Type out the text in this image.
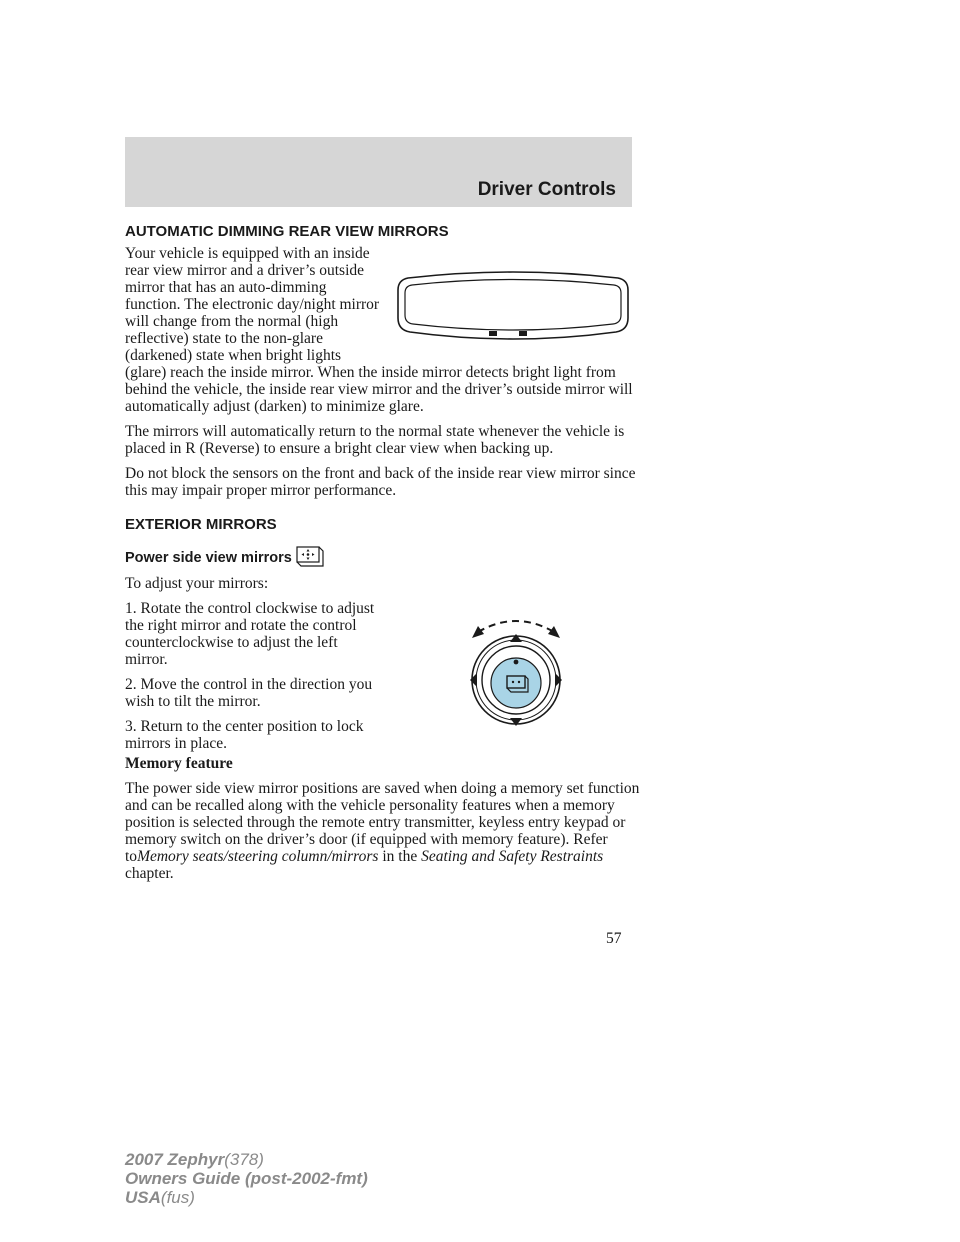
Driver Controls
AUTOMATIC DIMMING REAR VIEW MIRRORS

Your vehicle is equipped with an inside rear view mirror and a driver’s outside mirror that has an auto-dimming function. The electronic day/night mirror will change from the normal (high reflective) state to the non-glare (darkened) state when bright lights

(glare) reach the inside mirror. When the inside mirror detects bright light from behind the vehicle, the inside rear view mirror and the driver’s outside mirror will automatically adjust (darken) to minimize glare.

The mirrors will automatically return to the normal state whenever the vehicle is placed in R (Reverse) to ensure a bright clear view when backing up.

Do not block the sensors on the front and back of the inside rear view mirror since this may impair proper mirror performance.

EXTERIOR MIRRORS
Power side view mirrors

To adjust your mirrors:

1. Rotate the control clockwise to adjust the right mirror and rotate the control counterclockwise to adjust the left mirror.

2. Move the control in the direction you wish to tilt the mirror.

3. Return to the center position to lock mirrors in place.

Memory feature

The power side view mirror positions are saved when doing a memory set function and can be recalled along with the vehicle personality features when a memory position is selected through the remote entry transmitter, keyless entry keypad or memory switch on the driver’s door (if equipped with memory feature). Refer toMemory seats/steering column/mirrors in the Seating and Safety Restraints chapter.

57
2007 Zephyr(378)
Owners Guide (post-2002-fmt)
USA(fus)
